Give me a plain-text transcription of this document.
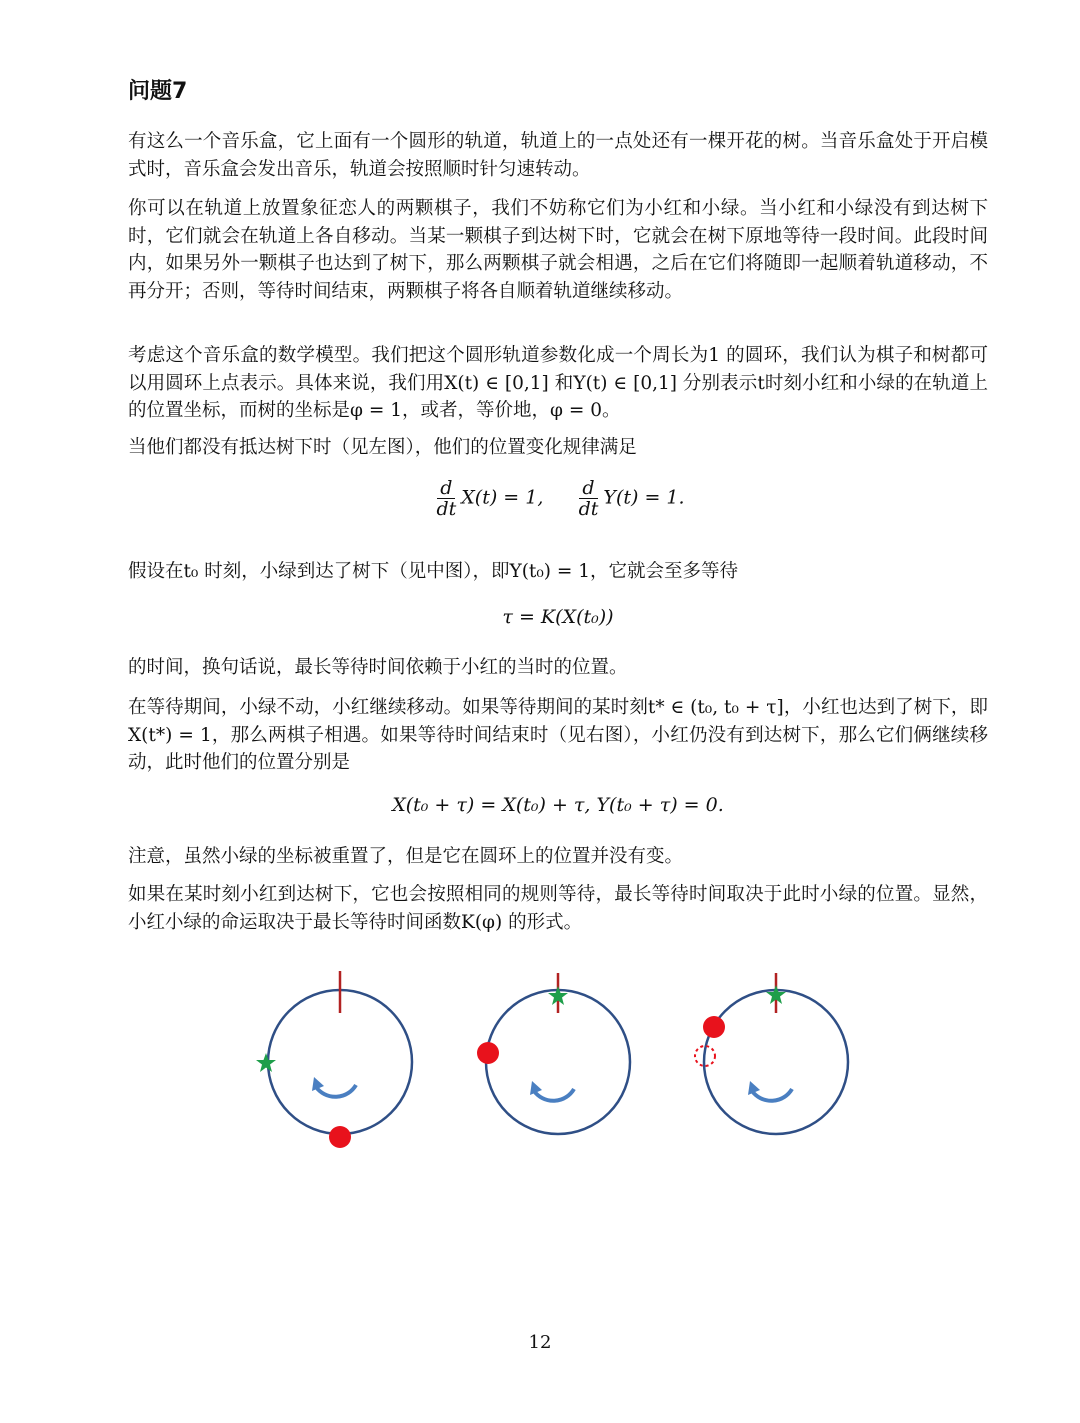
问题7
有这么一个音乐盒，它上面有一个圆形的轨道，轨道上的一点处还有一棵开花的树。当音乐盒处于开启模式时，音乐盒会发出音乐，轨道会按照顺时针匀速转动。
你可以在轨道上放置象征恋人的两颗棋子，我们不妨称它们为小红和小绿。当小红和小绿没有到达树下时，它们就会在轨道上各自移动。当某一颗棋子到达树下时，它就会在树下原地等待一段时间。此段时间内，如果另外一颗棋子也达到了树下，那么两颗棋子就会相遇，之后在它们将随即一起顺着轨道移动，不再分开；否则，等待时间结束，两颗棋子将各自顺着轨道继续移动。
考虑这个音乐盒的数学模型。我们把这个圆形轨道参数化成一个周长为1 的圆环，我们认为棋子和树都可以用圆环上点表示。具体来说，我们用X(t) ∈ [0,1] 和Y(t) ∈ [0,1] 分别表示t时刻小红和小绿的在轨道上的位置坐标，而树的坐标是φ = 1，或者，等价地，φ = 0。
当他们都没有抵达树下时（见左图），他们的位置变化规律满足
$\frac{d}{dt} X(t) = 1$, $\frac{d}{dt} Y(t) = 1$.
假设在t₀ 时刻，小绿到达了树下（见中图），即Y(t₀) = 1，它就会至多等待
τ = K(X(t₀))
的时间，换句话说，最长等待时间依赖于小红的当时的位置。
在等待期间，小绿不动，小红继续移动。如果等待期间的某时刻t* ∈ (t₀, t₀ + τ]，小红也达到了树下，即X(t*) = 1，那么两棋子相遇。如果等待时间结束时（见右图），小红仍没有到达树下，那么它们俩继续移动，此时他们的位置分别是
X(t₀ + τ) = X(t₀) + τ, Y(t₀ + τ) = 0.
注意，虽然小绿的坐标被重置了，但是它在圆环上的位置并没有变。
如果在某时刻小红到达树下，它也会按照相同的规则等待，最长等待时间取决于此时小绿的位置。显然，小红小绿的命运取决于最长等待时间函数K(φ) 的形式。
12
